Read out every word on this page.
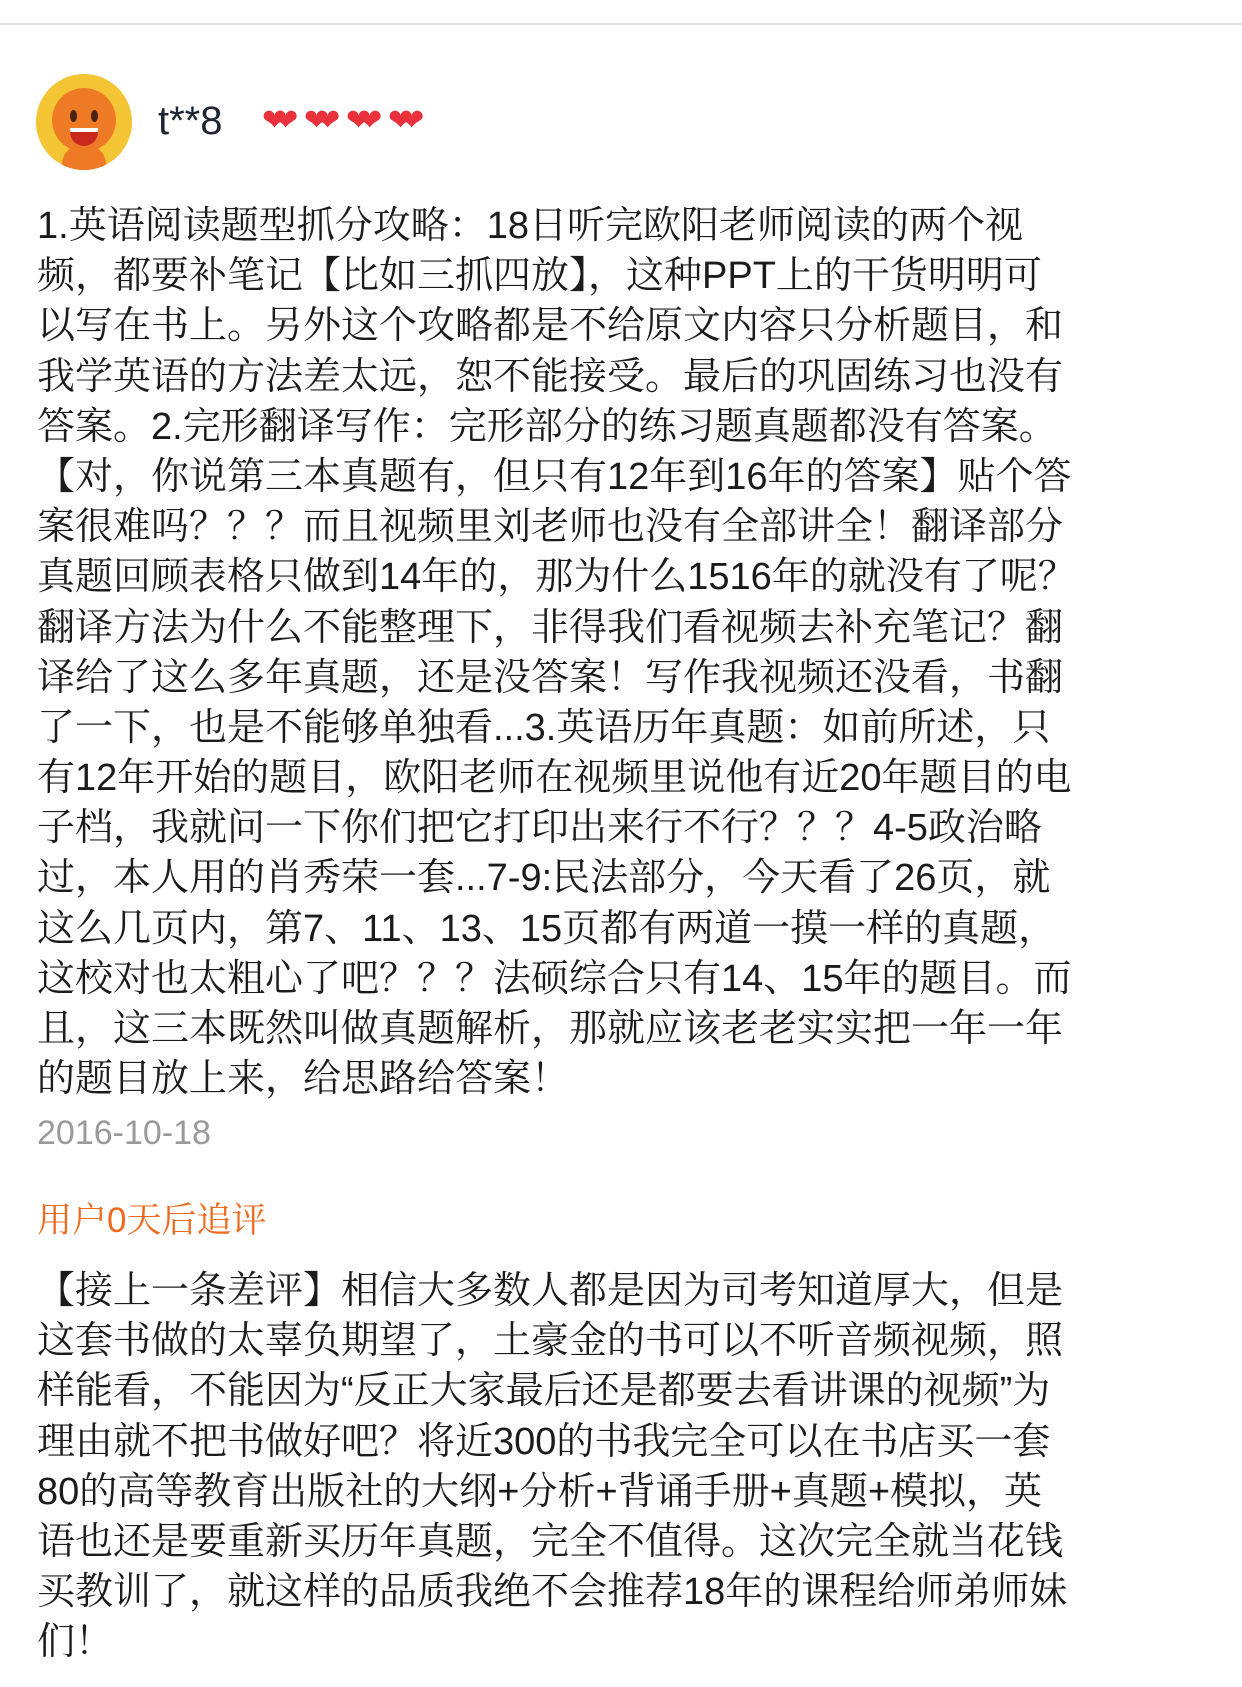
t**8 ❤❤ ❤❤ ❤❤ ❤❤
1.英语阅读题型抓分攻略：18日听完欧阳老师阅读的两个视
频，都要补笔记【比如三抓四放】，这种PPT上的干货明明可
以写在书上。另外这个攻略都是不给原文内容只分析题目，和
我学英语的方法差太远，恕不能接受。最后的巩固练习也没有
答案。2.完形翻译写作：完形部分的练习题真题都没有答案。
【对，你说第三本真题有，但只有12年到16年的答案】贴个答
案很难吗？？？而且视频里刘老师也没有全部讲全！翻译部分
真题回顾表格只做到14年的，那为什么1516年的就没有了呢？
翻译方法为什么不能整理下，非得我们看视频去补充笔记？翻
译给了这么多年真题，还是没答案！写作我视频还没看，书翻
了一下，也是不能够单独看...3.英语历年真题：如前所述，只
有12年开始的题目，欧阳老师在视频里说他有近20年题目的电
子档，我就问一下你们把它打印出来行不行？？？4-5政治略
过，本人用的肖秀荣一套...7-9:民法部分，今天看了26页，就
这么几页内，第7、11、13、15页都有两道一摸一样的真题，
这校对也太粗心了吧？？？法硕综合只有14、15年的题目。而
且，这三本既然叫做真题解析，那就应该老老实实把一年一年
的题目放上来，给思路给答案！
2016-10-18
用户0天后追评
【接上一条差评】相信大多数人都是因为司考知道厚大，但是
这套书做的太辜负期望了，土豪金的书可以不听音频视频，照
样能看，不能因为“反正大家最后还是都要去看讲课的视频”为
理由就不把书做好吧？将近300的书我完全可以在书店买一套
80的高等教育出版社的大纲+分析+背诵手册+真题+模拟，英
语也还是要重新买历年真题，完全不值得。这次完全就当花钱
买教训了，就这样的品质我绝不会推荐18年的课程给师弟师妹
们！
